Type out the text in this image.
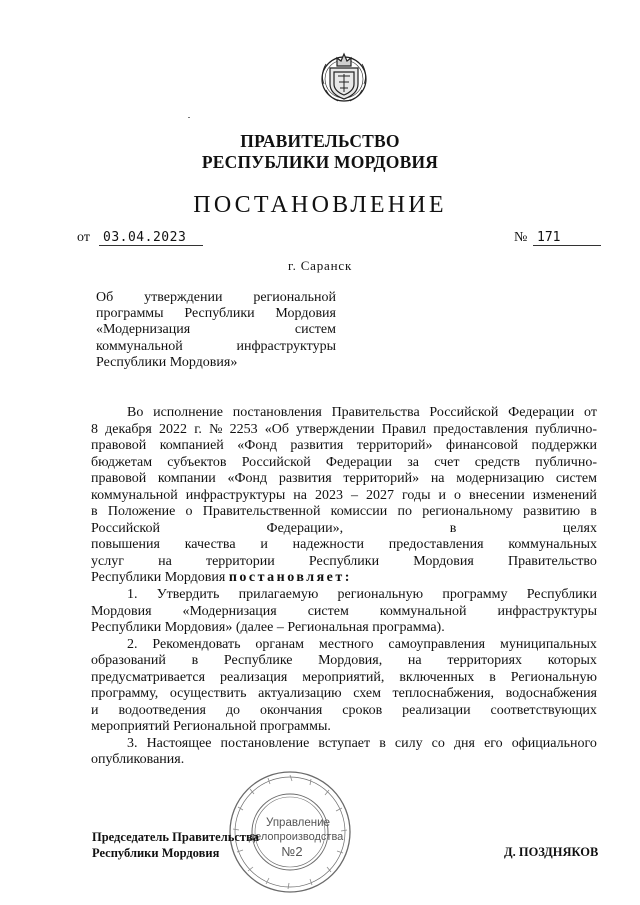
ПРАВИТЕЛЬСТВО
РЕСПУБЛИКИ МОРДОВИЯ
ПОСТАНОВЛЕНИЕ
от	03.04.2023	№ 171
г. Саранск
Об утверждении региональной
программы Республики Мордовия
«Модернизация	систем
коммунальной	инфраструктуры
Республики Мордовия»
Во исполнение постановления Правительства Российской Федерации от
8 декабря 2022 г. № 2253 «Об утверждении Правил предоставления публично-
правовой компанией «Фонд развития территорий» финансовой поддержки
бюджетам субъектов Российской Федерации за счет средств публично-
правовой компании «Фонд развития территорий» на модернизацию систем
коммунальной инфраструктуры на 2023 – 2027 годы и о внесении изменений
в Положение о Правительственной комиссии по региональному развитию в
Российской	Федерации»,	в	целях
повышения качества и надежности предоставления коммунальных
услуг на территории Республики Мордовия Правительство
Республики Мордовия постановляет:
1. Утвердить прилагаемую региональную программу Республики
Мордовия «Модернизация систем коммунальной инфраструктуры
Республики Мордовия» (далее – Региональная программа).
2. Рекомендовать органам местного самоуправления муниципальных
образований в Республике Мордовия, на территориях которых
предусматривается реализация мероприятий, включенных в Региональную
программу, осуществить актуализацию схем теплоснабжения, водоснабжения
и водоотведения до окончания сроков реализации соответствующих
мероприятий Региональной программы.
3. Настоящее постановление вступает в силу со дня его официального
опубликования.
Управление
делопроизводства
№2
Председатель Правительства
Республики Мордовия	Д. ПОЗДНЯКОВ
